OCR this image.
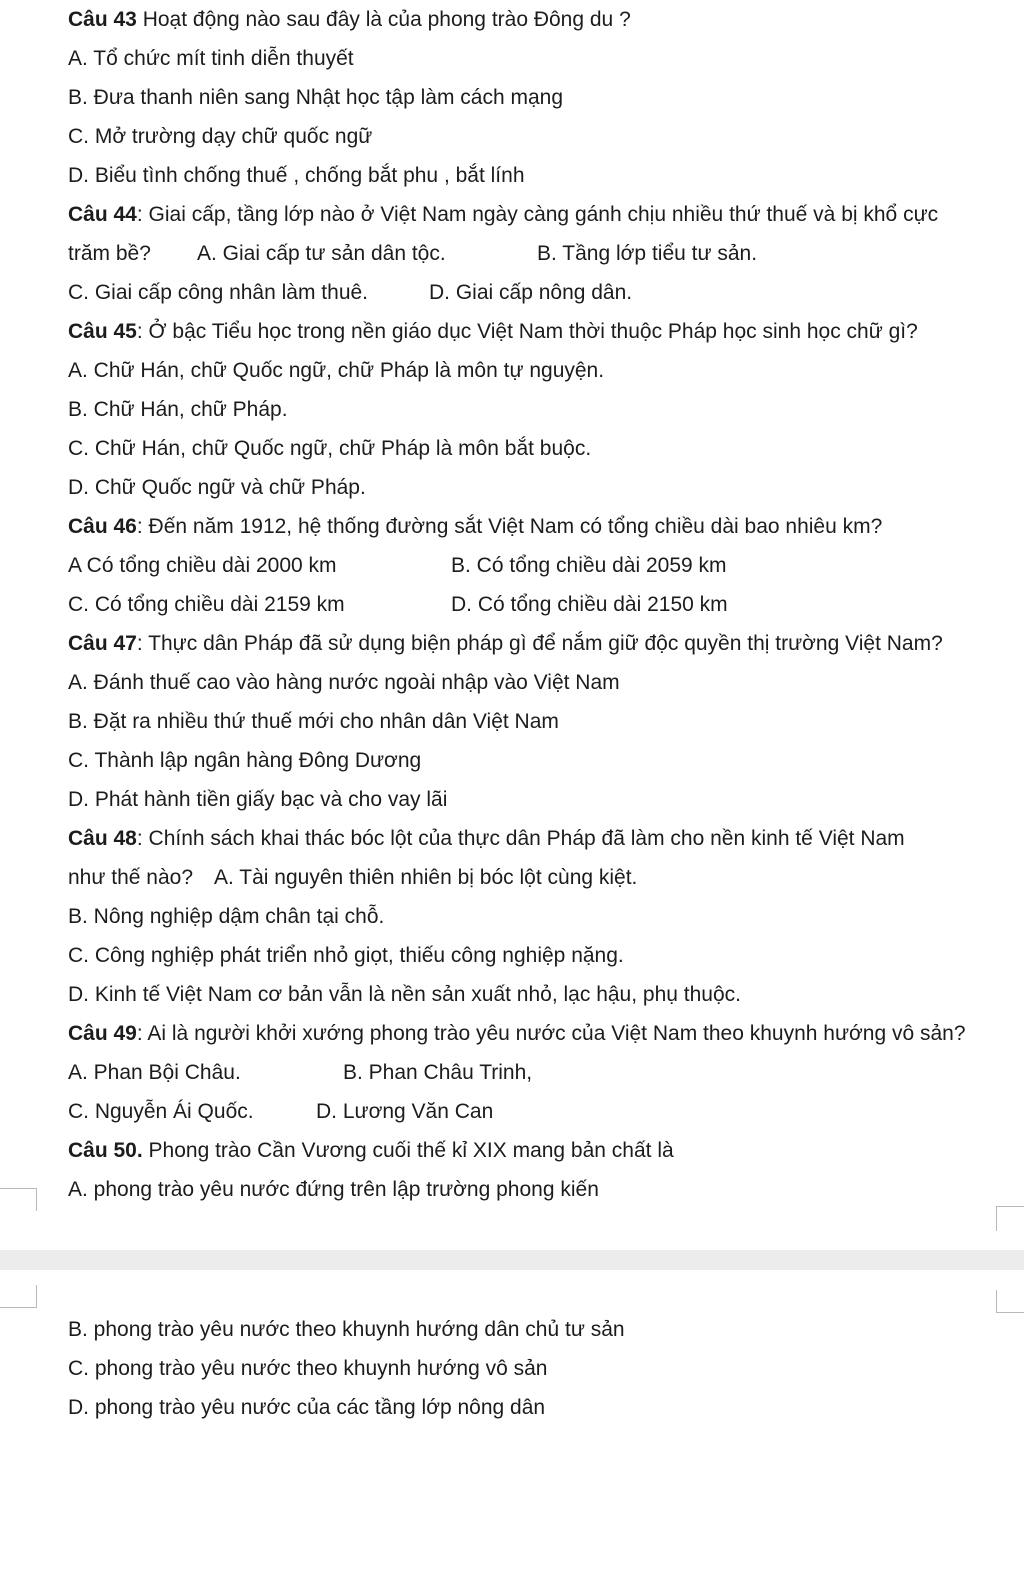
Câu 43 Hoạt động nào sau đây là của phong trào Đông du ?
A. Tổ chức mít tinh diễn thuyết
B. Đưa thanh niên sang Nhật học tập làm cách mạng
C. Mở trường dạy chữ quốc ngữ
D. Biểu tình chống thuế , chống bắt phu , bắt lính
Câu 44: Giai cấp, tầng lớp nào ở Việt Nam ngày càng gánh chịu nhiều thứ thuế và bị khổ cực
trăm bề? A. Giai cấp tư sản dân tộc.	B. Tầng lớp tiểu tư sản.
C. Giai cấp công nhân làm thuê.	D. Giai cấp nông dân.
Câu 45: Ở bậc Tiểu học trong nền giáo dục Việt Nam thời thuộc Pháp học sinh học chữ gì?
A. Chữ Hán, chữ Quốc ngữ, chữ Pháp là môn tự nguyện.
B. Chữ Hán, chữ Pháp.
C. Chữ Hán, chữ Quốc ngữ, chữ Pháp là môn bắt buộc.
D. Chữ Quốc ngữ và chữ Pháp.
Câu 46: Đến năm 1912, hệ thống đường sắt Việt Nam có tổng chiều dài bao nhiêu km?
A Có tổng chiều dài 2000 km	B. Có tổng chiều dài 2059 km
C. Có tổng chiều dài 2159 km	D. Có tổng chiều dài 2150 km
Câu 47: Thực dân Pháp đã sử dụng biện pháp gì để nắm giữ độc quyền thị trường Việt Nam?
A. Đánh thuế cao vào hàng nước ngoài nhập vào Việt Nam
B. Đặt ra nhiều thứ thuế mới cho nhân dân Việt Nam
C. Thành lập ngân hàng Đông Dương
D. Phát hành tiền giấy bạc và cho vay lãi
Câu 48: Chính sách khai thác bóc lột của thực dân Pháp đã làm cho nền kinh tế Việt Nam
như thế nào? A. Tài nguyên thiên nhiên bị bóc lột cùng kiệt.
B. Nông nghiệp dậm chân tại chỗ.
C. Công nghiệp phát triển nhỏ giọt, thiếu công nghiệp nặng.
D. Kinh tế Việt Nam cơ bản vẫn là nền sản xuất nhỏ, lạc hậu, phụ thuộc.
Câu 49: Ai là người khởi xướng phong trào yêu nước của Việt Nam theo khuynh hướng vô sản?
A. Phan Bội Châu.	B. Phan Châu Trinh,
C. Nguyễn Ái Quốc.	D. Lương Văn Can
Câu 50. Phong trào Cần Vương cuối thế kỉ XIX mang bản chất là
A. phong trào yêu nước đứng trên lập trường phong kiến
B. phong trào yêu nước theo khuynh hướng dân chủ tư sản
C. phong trào yêu nước theo khuynh hướng vô sản
D. phong trào yêu nước của các tầng lớp nông dân
